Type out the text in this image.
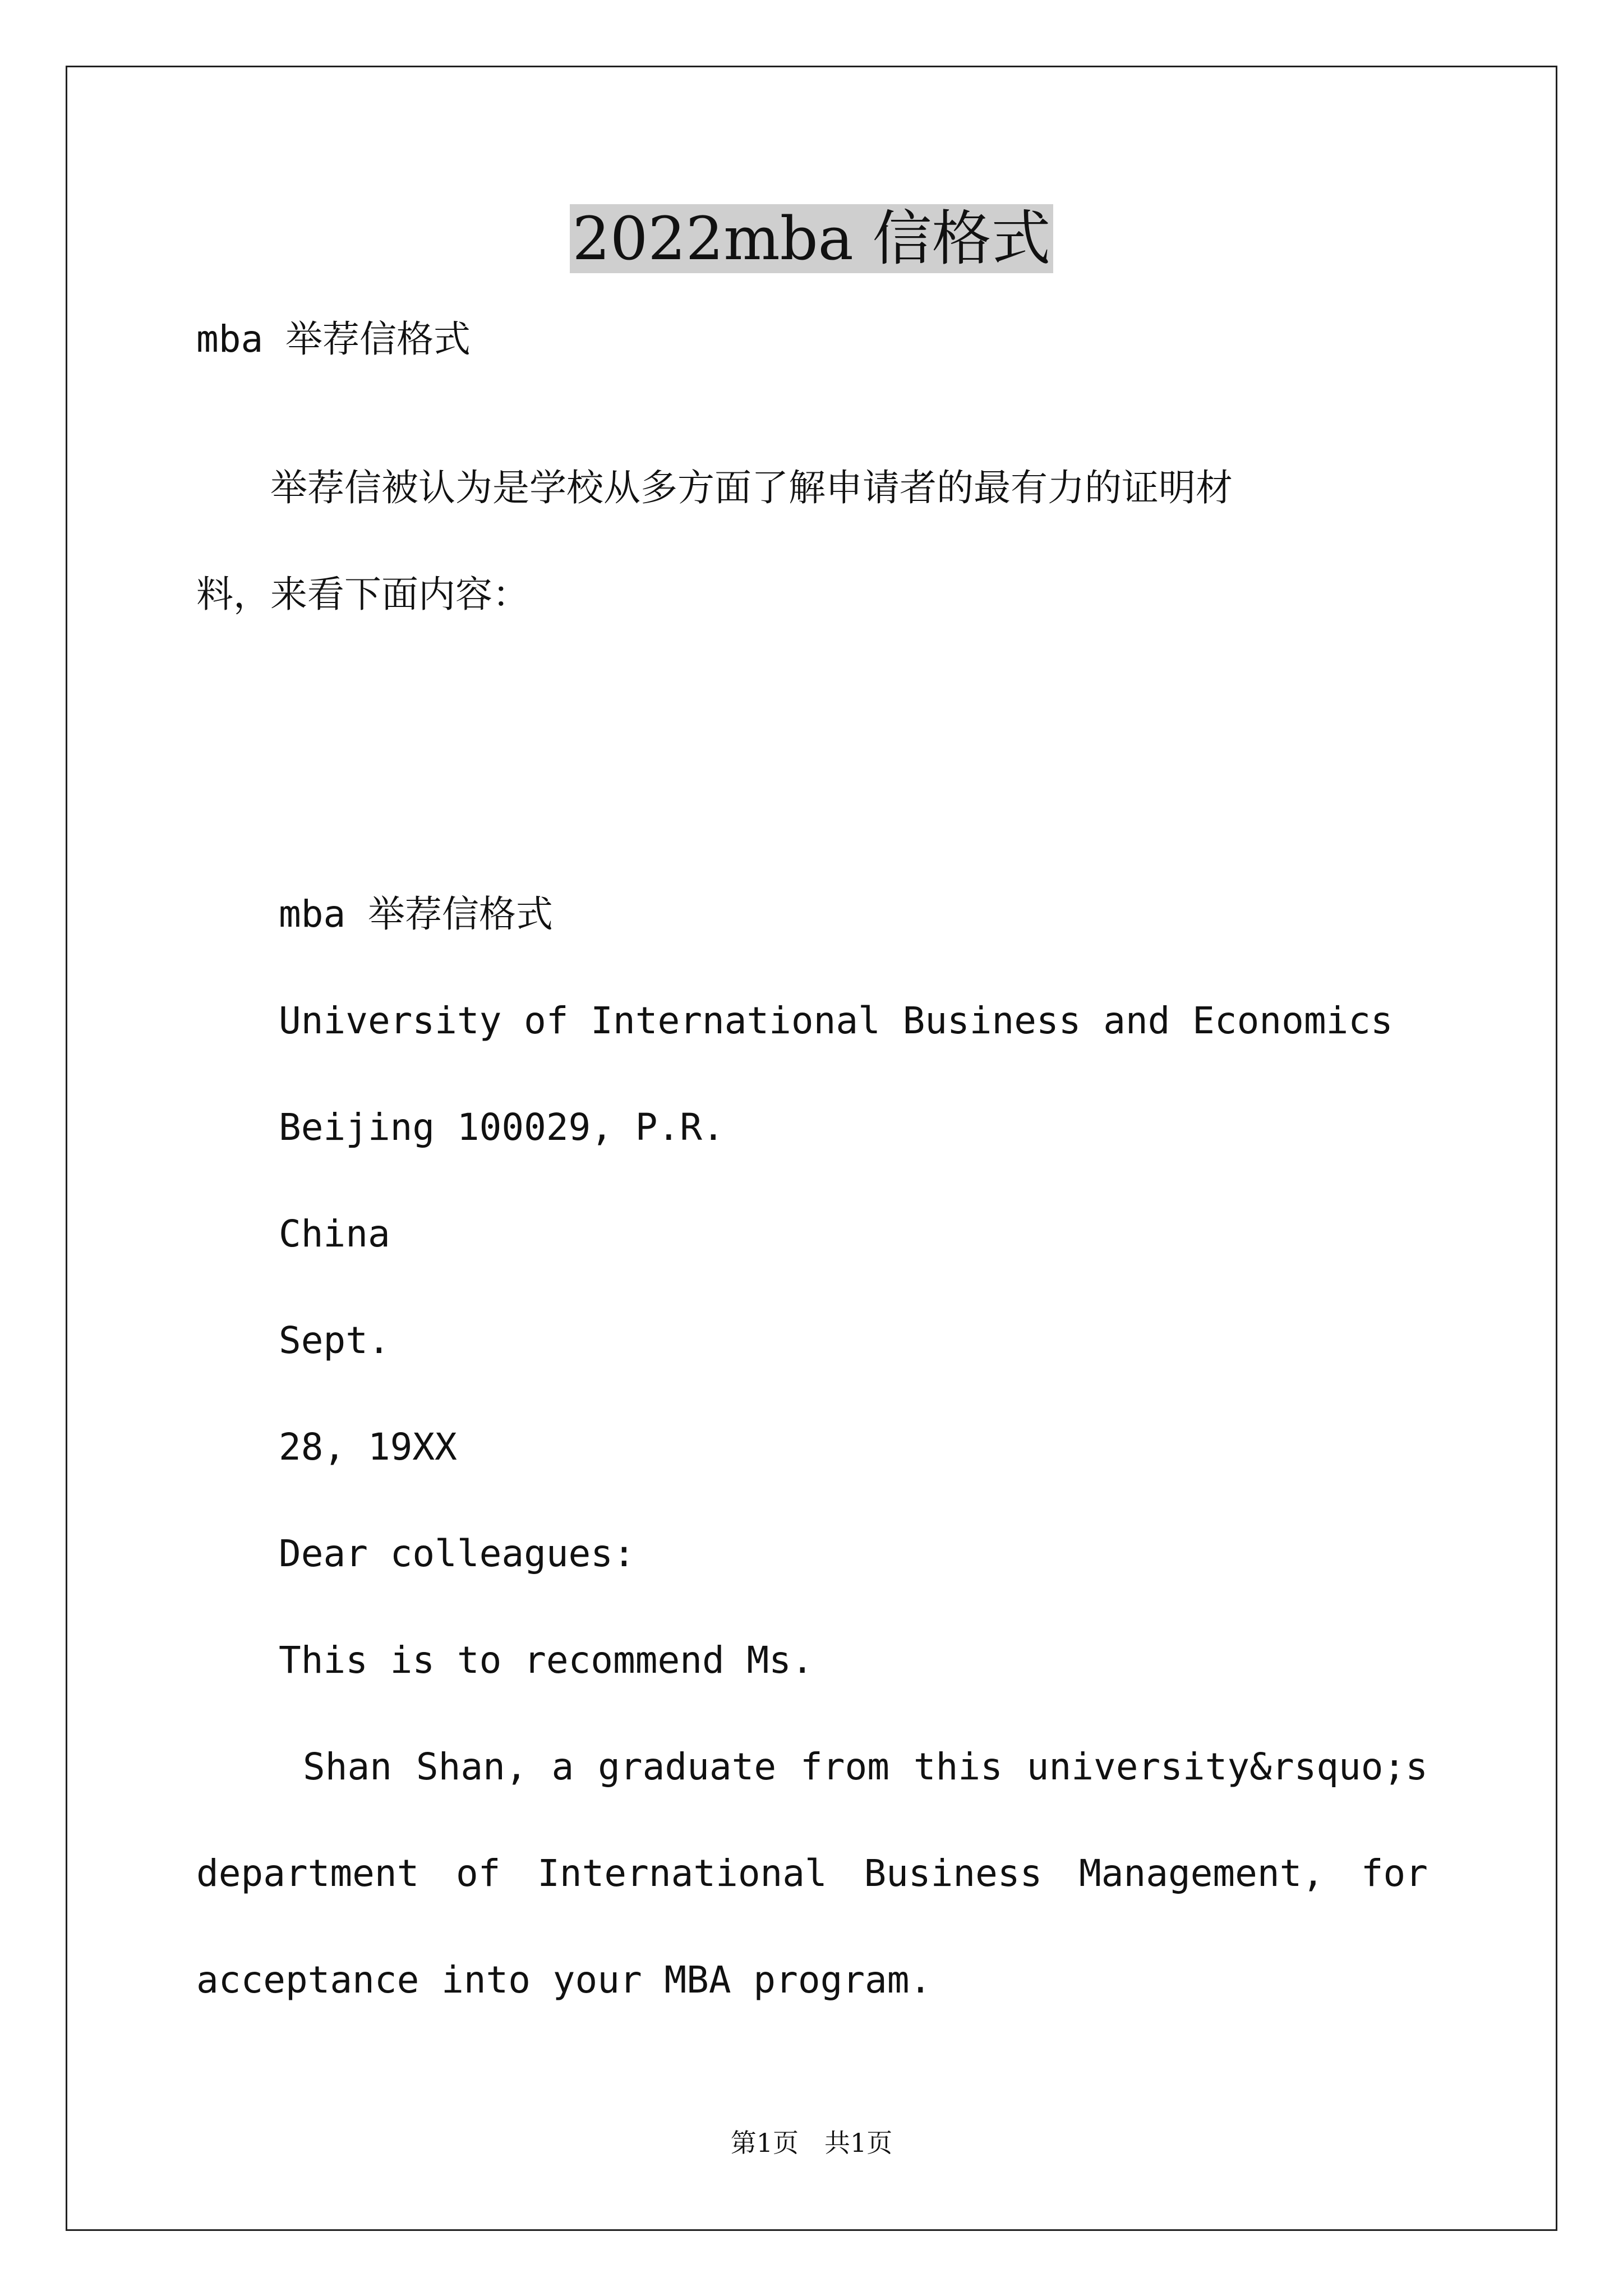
2022mba 信格式
mba 举荐信格式
　　举荐信被认为是学校从多方面了解申请者的最有力的证明材
料，来看下面内容：
mba 举荐信格式
University of International Business and Economics
Beijing 100029, P.R.
China
Sept.
28, 19XX
Dear colleagues:
This is to recommend Ms.
Shan Shan, a graduate from this university&rsquo;s
department of International Business Management, for
acceptance into your MBA program.
第1页　共1页
